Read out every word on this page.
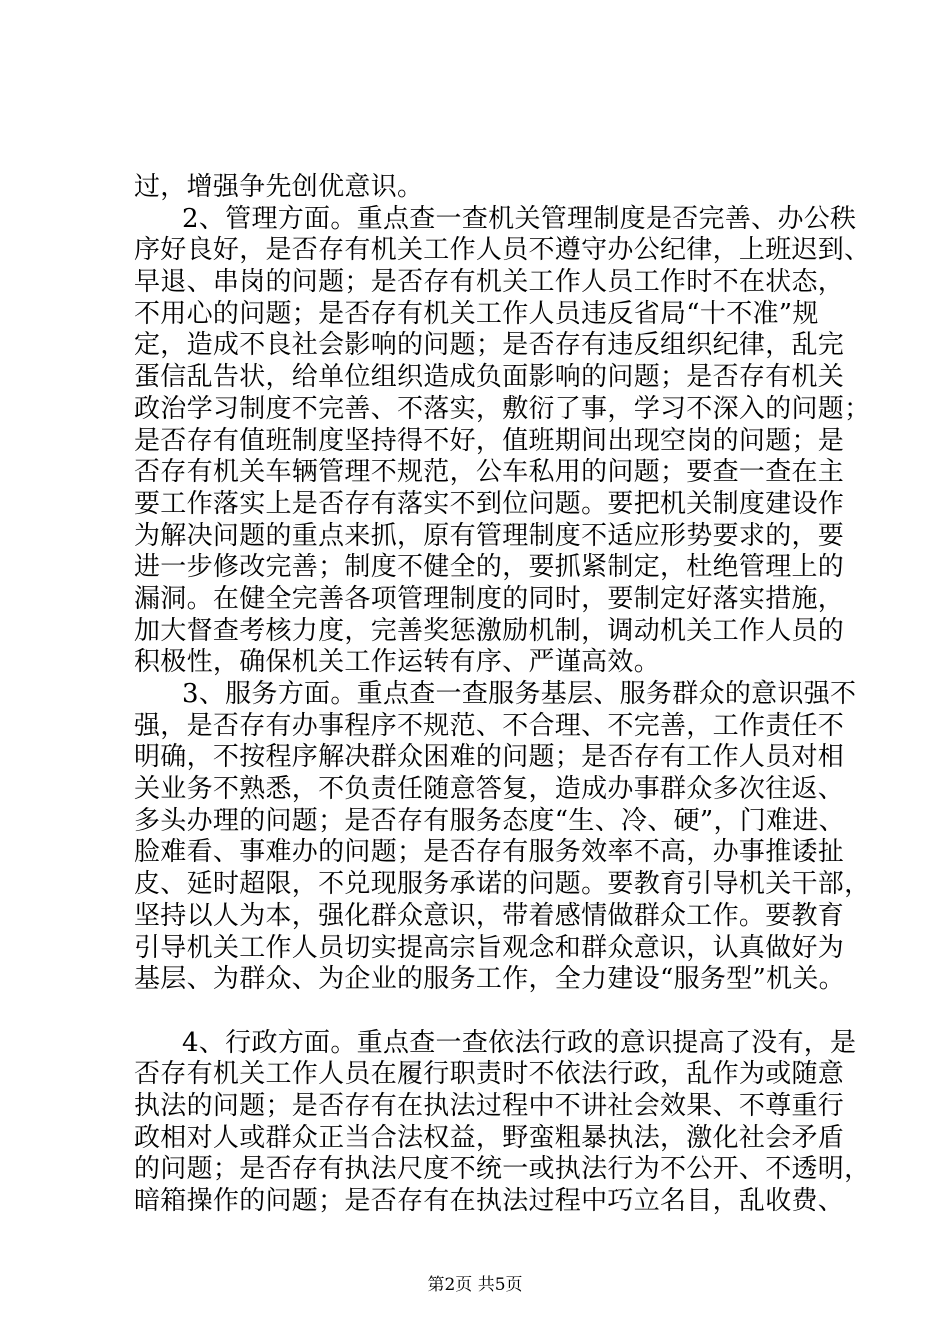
过，增强争先创优意识。
2、管理方面。重点查一查机关管理制度是否完善、办公秩
序好良好，是否存有机关工作人员不遵守办公纪律，上班迟到、
早退、串岗的问题；是否存有机关工作人员工作时不在状态，
不用心的问题；是否存有机关工作人员违反省局“十不准”规
定，造成不良社会影响的问题；是否存有违反组织纪律，乱完
蛋信乱告状，给单位组织造成负面影响的问题；是否存有机关
政治学习制度不完善、不落实，敷衍了事，学习不深入的问题；
是否存有值班制度坚持得不好，值班期间出现空岗的问题；是
否存有机关车辆管理不规范，公车私用的问题；要查一查在主
要工作落实上是否存有落实不到位问题。要把机关制度建设作
为解决问题的重点来抓，原有管理制度不适应形势要求的，要
进一步修改完善；制度不健全的，要抓紧制定，杜绝管理上的
漏洞。在健全完善各项管理制度的同时，要制定好落实措施，
加大督查考核力度，完善奖惩激励机制，调动机关工作人员的
积极性，确保机关工作运转有序、严谨高效。
3、服务方面。重点查一查服务基层、服务群众的意识强不
强，是否存有办事程序不规范、不合理、不完善，工作责任不
明确，不按程序解决群众困难的问题；是否存有工作人员对相
关业务不熟悉，不负责任随意答复，造成办事群众多次往返、
多头办理的问题；是否存有服务态度“生、冷、硬”，门难进、
脸难看、事难办的问题；是否存有服务效率不高，办事推诿扯
皮、延时超限，不兑现服务承诺的问题。要教育引导机关干部，
坚持以人为本，强化群众意识，带着感情做群众工作。要教育
引导机关工作人员切实提高宗旨观念和群众意识，认真做好为
基层、为群众、为企业的服务工作，全力建设“服务型”机关。
4、行政方面。重点查一查依法行政的意识提高了没有，是
否存有机关工作人员在履行职责时不依法行政，乱作为或随意
执法的问题；是否存有在执法过程中不讲社会效果、不尊重行
政相对人或群众正当合法权益，野蛮粗暴执法，激化社会矛盾
的问题；是否存有执法尺度不统一或执法行为不公开、不透明，
暗箱操作的问题；是否存有在执法过程中巧立名目，乱收费、
第2页 共5页
